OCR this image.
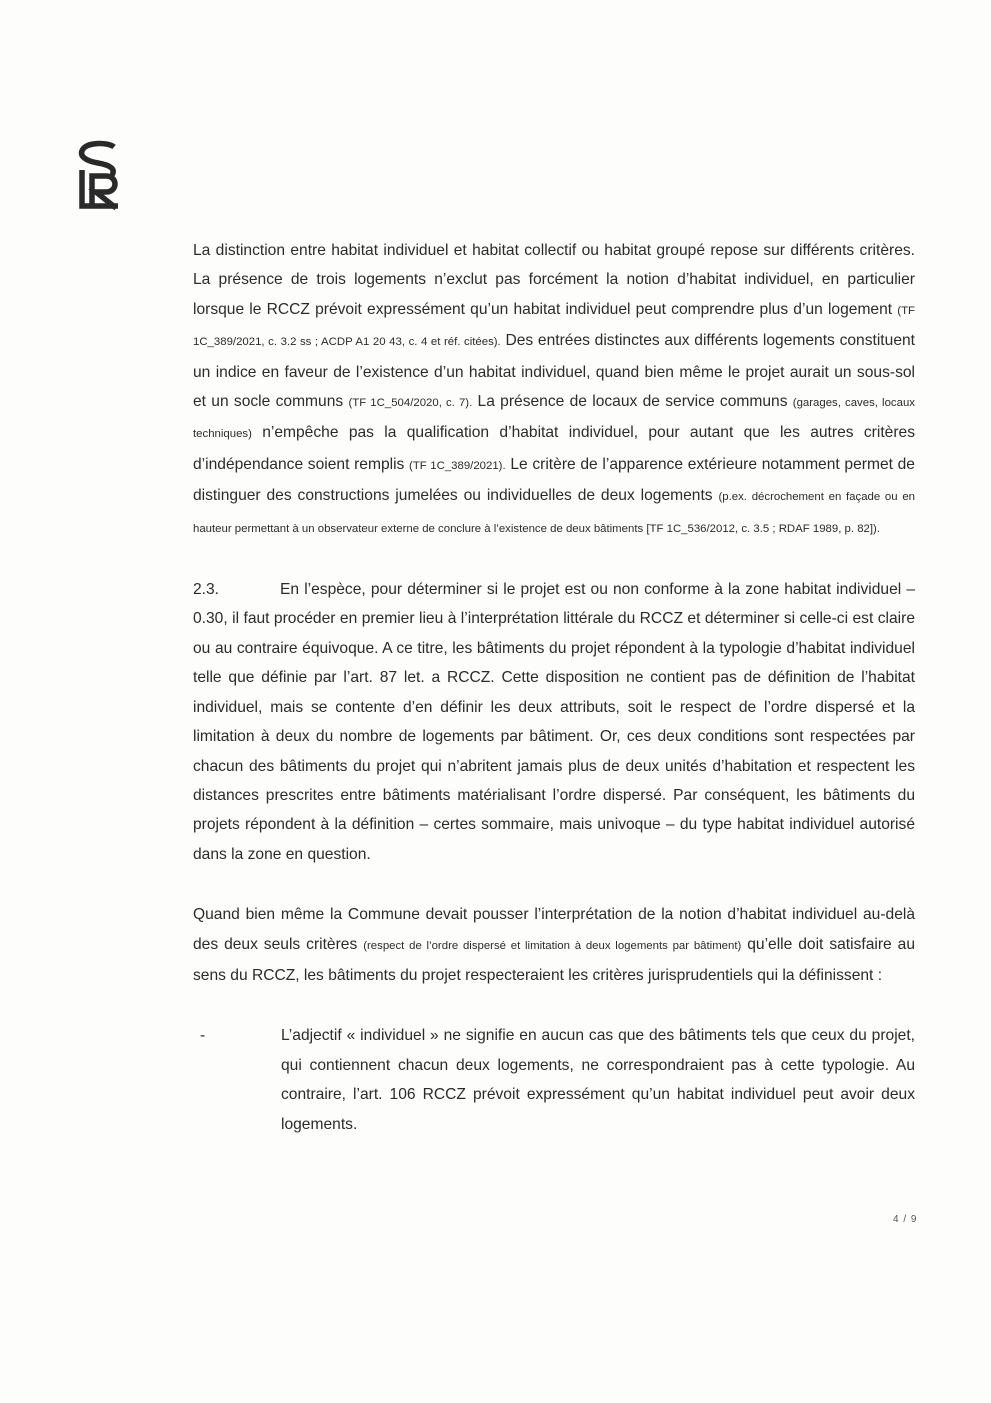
La distinction entre habitat individuel et habitat collectif ou habitat groupé repose sur différents critères. La présence de trois logements n’exclut pas forcément la notion d’habitat individuel, en particulier lorsque le RCCZ prévoit expressément qu’un habitat individuel peut comprendre plus d’un logement (TF 1C_389/2021, c. 3.2 ss ; ACDP A1 20 43, c. 4 et réf. citées). Des entrées distinctes aux différents logements constituent un indice en faveur de l’existence d’un habitat individuel, quand bien même le projet aurait un sous-sol et un socle communs (TF 1C_504/2020, c. 7). La présence de locaux de service communs (garages, caves, locaux techniques) n’empêche pas la qualification d’habitat individuel, pour autant que les autres critères d’indépendance soient remplis (TF 1C_389/2021). Le critère de l’apparence extérieure notamment permet de distinguer des constructions jumelées ou individuelles de deux logements (p.ex. décrochement en façade ou en hauteur permettant à un observateur externe de conclure à l’existence de deux bâtiments [TF 1C_536/2012, c. 3.5 ; RDAF 1989, p. 82]).

2.3.	En l’espèce, pour déterminer si le projet est ou non conforme à la zone habitat individuel – 0.30, il faut procéder en premier lieu à l’interprétation littérale du RCCZ et déterminer si celle-ci est claire ou au contraire équivoque. A ce titre, les bâtiments du projet répondent à la typologie d’habitat individuel telle que définie par l’art. 87 let. a RCCZ. Cette disposition ne contient pas de définition de l’habitat individuel, mais se contente d’en définir les deux attributs, soit le respect de l’ordre dispersé et la limitation à deux du nombre de logements par bâtiment. Or, ces deux conditions sont respectées par chacun des bâtiments du projet qui n’abritent jamais plus de deux unités d’habitation et respectent les distances prescrites entre bâtiments matérialisant l’ordre dispersé. Par conséquent, les bâtiments du projets répondent à la définition – certes sommaire, mais univoque – du type habitat individuel autorisé dans la zone en question.

Quand bien même la Commune devait pousser l’interprétation de la notion d’habitat individuel au-delà des deux seuls critères (respect de l’ordre dispersé et limitation à deux logements par bâtiment) qu’elle doit satisfaire au sens du RCCZ, les bâtiments du projet respecteraient les critères jurisprudentiels qui la définissent :

-	L’adjectif « individuel » ne signifie en aucun cas que des bâtiments tels que ceux du projet, qui contiennent chacun deux logements, ne correspondraient pas à cette typologie. Au contraire, l’art. 106 RCCZ prévoit expressément qu’un habitat individuel peut avoir deux logements.

4 / 9
